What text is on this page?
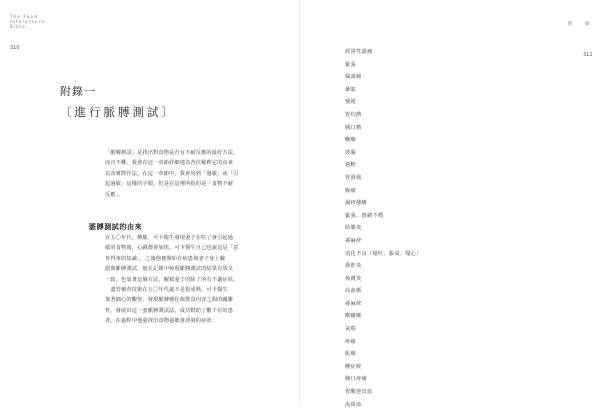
The Food
Intolerance
Bible
310
附錄一
〔進行脈膊測試〕

「脈膊測試」是找出對食物是否有不耐反應的最好方法，

而且不難。我會在這一章節詳細地為各位解釋它的由來

以及實際作法。在這一章節中，我會用到「過敏」或「引

起過敏」這樣的字眼，但是在這裡所指的是「食物不耐

反應」。

脈膊測試的由來

在五〇年代，佛羅．可卡醫生發現妻子在吃了會引起過

敏的食物後，心跳都會加快。可卡醫生自己也說這是「意

外得來的知識」，之後他便開始在病患與妻子身上驗

證與脈膊測試，他在記錄中發現脈膊測試的結果有效又

一致，也靠著這個方法，解救妻子的除了所有不適症狀。

　盡管檢查技術在五〇年代還不是很成熟，可卡醫生

靠著細心的觀察，發現脈膊變化與飲食內容之間的關聯

性，發展出這一套脈膊測試法，成功幫助了數千位的患

者。在過程中他還找出食物過敏會誘發的症狀：

附	錄
311
經常性頭痛
緊張
偏頭痛
暈眩
便祕
胃灼熱
胰口瘡
癲癇
鼓脹
過輕
胃潰瘍
腹痛
濕疹搔癢
緊張、情緒不穩
結腸炎
蕁麻疹
消化不良（噁吐、脹氣、噁心）
鼻腔炎
鼻竇炎
高血壓
蕁麻疹
喉嚨癢
氣喘
疼痛
肌痠
腰症候
胸口疼痛
胃酸逆出血
流鼻血
